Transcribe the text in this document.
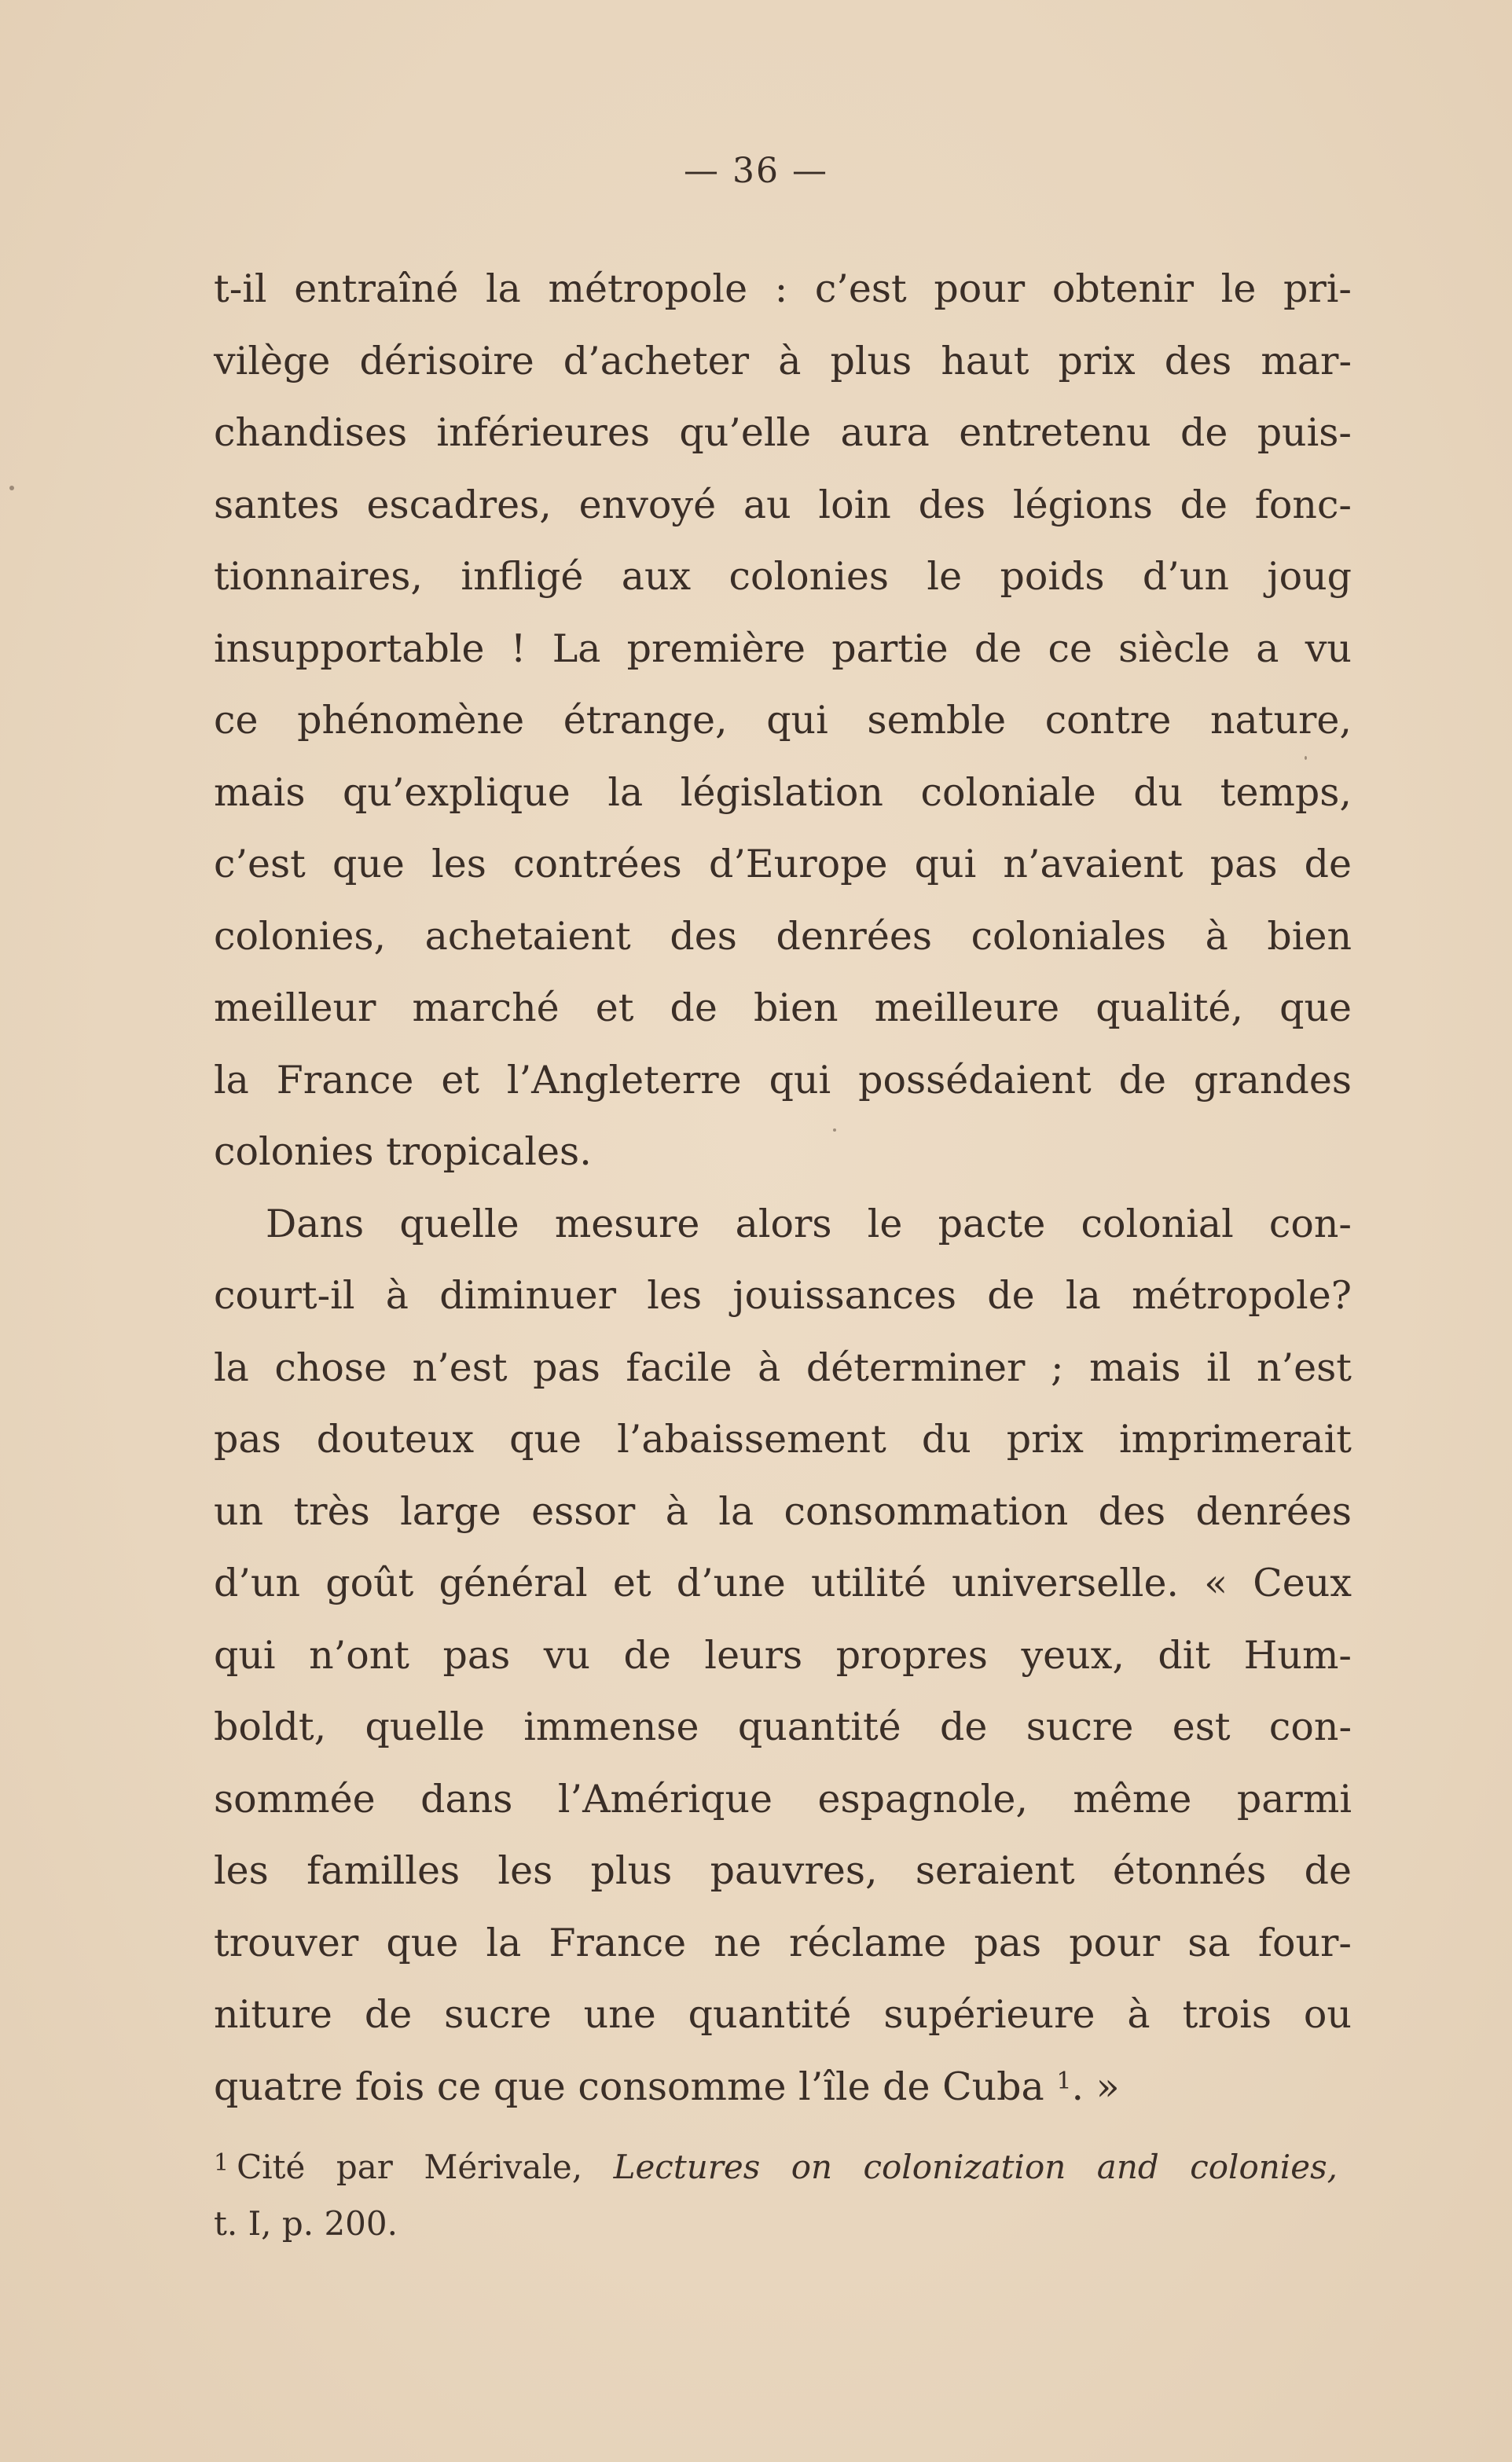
— 36 —
t-il entraîné la métropole : c’est pour obtenir le pri-
vilège dérisoire d’acheter à plus haut prix des mar-
chandises inférieures qu’elle aura entretenu de puis-
santes escadres, envoyé au loin des légions de fonc-
tionnaires, infligé aux colonies le poids d’un joug
insupportable ! La première partie de ce siècle a vu
ce phénomène étrange, qui semble contre nature,
mais qu’explique la législation coloniale du temps,
c’est que les contrées d’Europe qui n’avaient pas de
colonies, achetaient des denrées coloniales à bien
meilleur marché et de bien meilleure qualité, que
la France et l’Angleterre qui possédaient de grandes
colonies tropicales.
Dans quelle mesure alors le pacte colonial con-
court-il à diminuer les jouissances de la métropole?
la chose n’est pas facile à déterminer ; mais il n’est
pas douteux que l’abaissement du prix imprimerait
un très large essor à la consommation des denrées
d’un goût général et d’une utilité universelle. « Ceux
qui n’ont pas vu de leurs propres yeux, dit Hum-
boldt, quelle immense quantité de sucre est con-
sommée dans l’Amérique espagnole, même parmi
les familles les plus pauvres, seraient étonnés de
trouver que la France ne réclame pas pour sa four-
niture de sucre une quantité supérieure à trois ou
quatre fois ce que consomme l’île de Cuba $^1$. »
$^1$ Cité par Mérivale, Lectures on colonization and colonies,
t. I, p. 200.
